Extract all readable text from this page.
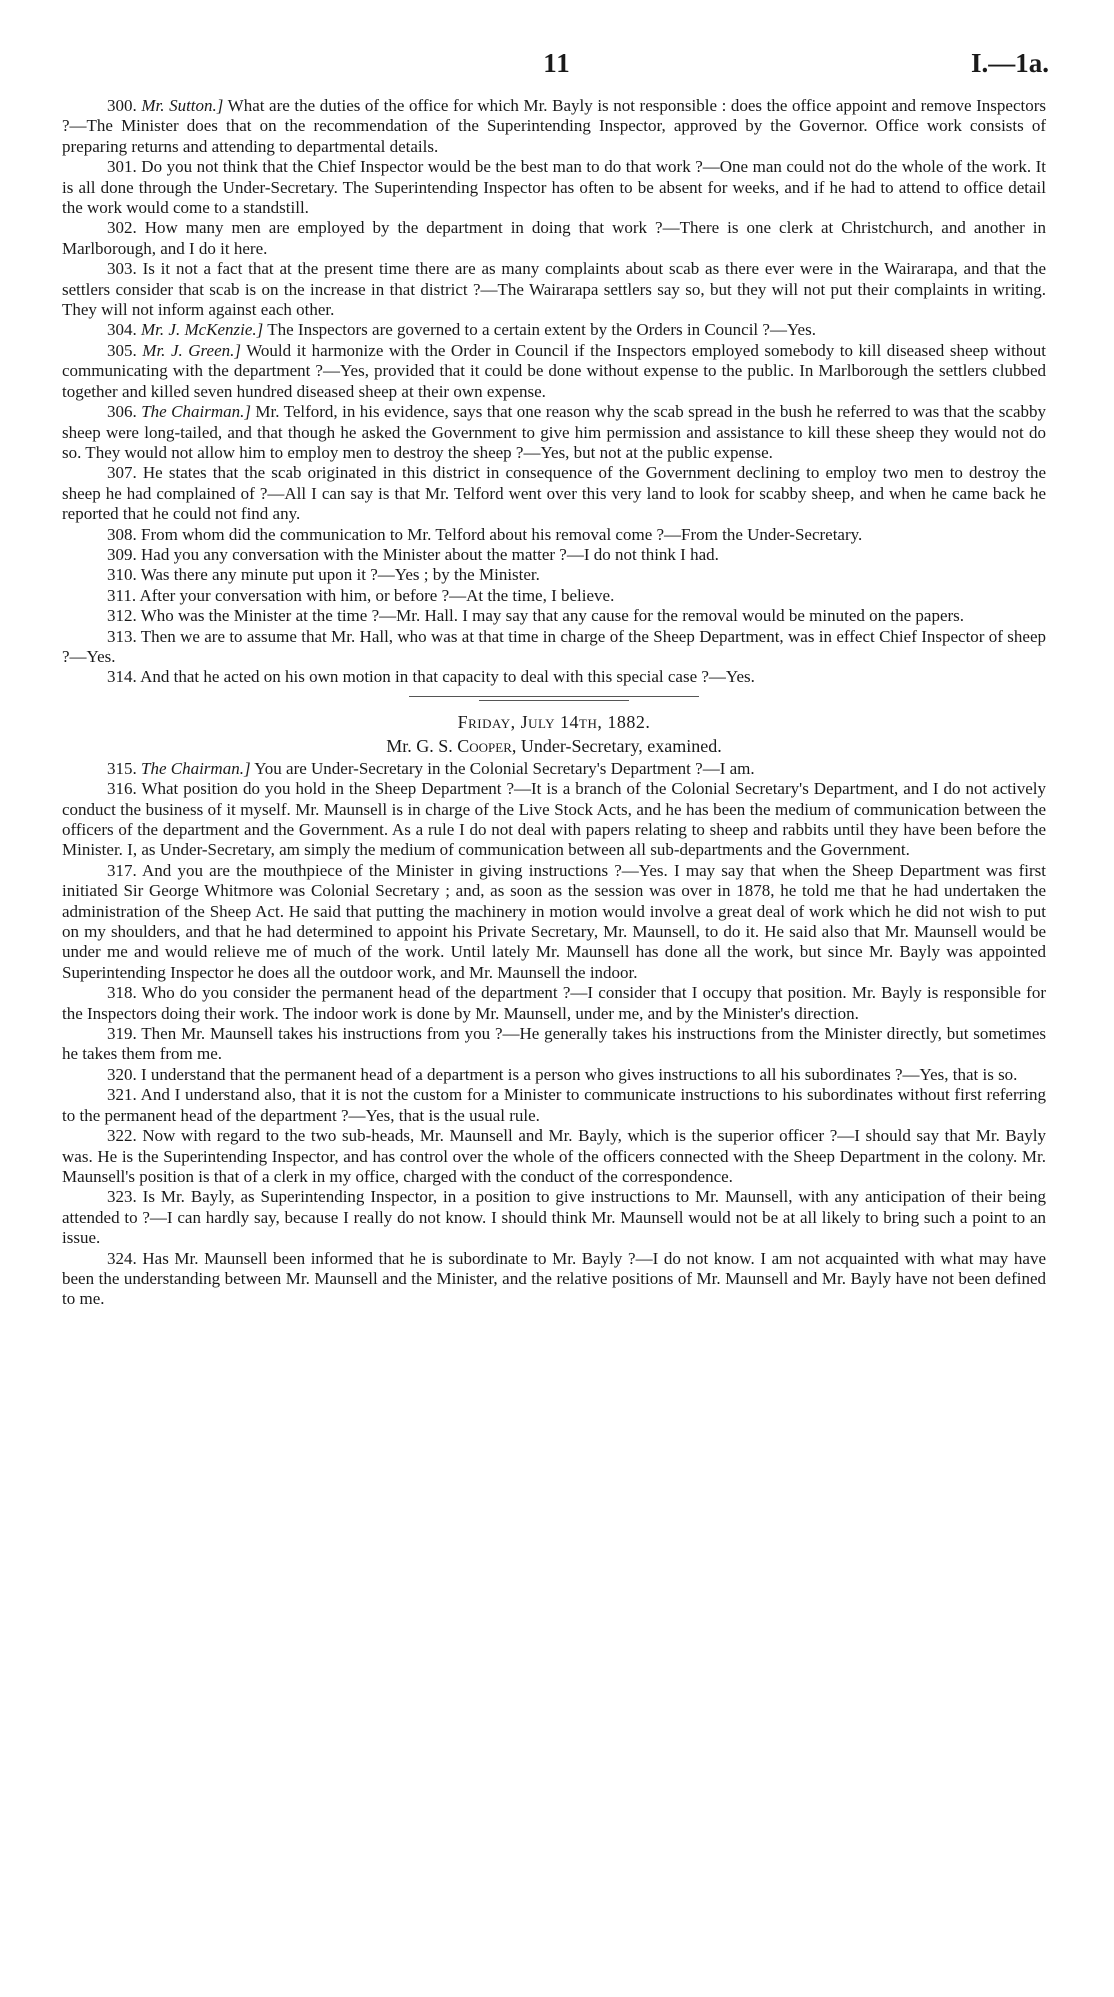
11	I.—1a.

300. Mr. Sutton.] What are the duties of the office for which Mr. Bayly is not responsible : does the office appoint and remove Inspectors ?—The Minister does that on the recommendation of the Superintending Inspector, approved by the Governor. Office work consists of preparing returns and attending to departmental details.

301. Do you not think that the Chief Inspector would be the best man to do that work ?—One man could not do the whole of the work. It is all done through the Under-Secretary. The Superintending Inspector has often to be absent for weeks, and if he had to attend to office detail the work would come to a standstill.

302. How many men are employed by the department in doing that work ?—There is one clerk at Christchurch, and another in Marlborough, and I do it here.

303. Is it not a fact that at the present time there are as many complaints about scab as there ever were in the Wairarapa, and that the settlers consider that scab is on the increase in that district ?—The Wairarapa settlers say so, but they will not put their complaints in writing. They will not inform against each other.

304. Mr. J. McKenzie.] The Inspectors are governed to a certain extent by the Orders in Council ?—Yes.

305. Mr. J. Green.] Would it harmonize with the Order in Council if the Inspectors employed somebody to kill diseased sheep without communicating with the department ?—Yes, provided that it could be done without expense to the public. In Marlborough the settlers clubbed together and killed seven hundred diseased sheep at their own expense.

306. The Chairman.] Mr. Telford, in his evidence, says that one reason why the scab spread in the bush he referred to was that the scabby sheep were long-tailed, and that though he asked the Government to give him permission and assistance to kill these sheep they would not do so. They would not allow him to employ men to destroy the sheep ?—Yes, but not at the public expense.

307. He states that the scab originated in this district in consequence of the Government declining to employ two men to destroy the sheep he had complained of ?—All I can say is that Mr. Telford went over this very land to look for scabby sheep, and when he came back he reported that he could not find any.

308. From whom did the communication to Mr. Telford about his removal come ?—From the Under-Secretary.

309. Had you any conversation with the Minister about the matter ?—I do not think I had.

310. Was there any minute put upon it ?—Yes ; by the Minister.

311. After your conversation with him, or before ?—At the time, I believe.

312. Who was the Minister at the time ?—Mr. Hall. I may say that any cause for the removal would be minuted on the papers.

313. Then we are to assume that Mr. Hall, who was at that time in charge of the Sheep Department, was in effect Chief Inspector of sheep ?—Yes.

314. And that he acted on his own motion in that capacity to deal with this special case ?—Yes.

Friday, July 14th, 1882.

Mr. G. S. Cooper, Under-Secretary, examined.

315. The Chairman.] You are Under-Secretary in the Colonial Secretary's Department ?—I am.

316. What position do you hold in the Sheep Department ?—It is a branch of the Colonial Secretary's Department, and I do not actively conduct the business of it myself. Mr. Maunsell is in charge of the Live Stock Acts, and he has been the medium of communication between the officers of the department and the Government. As a rule I do not deal with papers relating to sheep and rabbits until they have been before the Minister. I, as Under-Secretary, am simply the medium of communication between all sub-departments and the Government.

317. And you are the mouthpiece of the Minister in giving instructions ?—Yes. I may say that when the Sheep Department was first initiated Sir George Whitmore was Colonial Secretary ; and, as soon as the session was over in 1878, he told me that he had undertaken the administration of the Sheep Act. He said that putting the machinery in motion would involve a great deal of work which he did not wish to put on my shoulders, and that he had determined to appoint his Private Secretary, Mr. Maunsell, to do it. He said also that Mr. Maunsell would be under me and would relieve me of much of the work. Until lately Mr. Maunsell has done all the work, but since Mr. Bayly was appointed Superintending Inspector he does all the outdoor work, and Mr. Maunsell the indoor.

318. Who do you consider the permanent head of the department ?—I consider that I occupy that position. Mr. Bayly is responsible for the Inspectors doing their work. The indoor work is done by Mr. Maunsell, under me, and by the Minister's direction.

319. Then Mr. Maunsell takes his instructions from you ?—He generally takes his instructions from the Minister directly, but sometimes he takes them from me.

320. I understand that the permanent head of a department is a person who gives instructions to all his subordinates ?—Yes, that is so.

321. And I understand also, that it is not the custom for a Minister to communicate instructions to his subordinates without first referring to the permanent head of the department ?—Yes, that is the usual rule.

322. Now with regard to the two sub-heads, Mr. Maunsell and Mr. Bayly, which is the superior officer ?—I should say that Mr. Bayly was. He is the Superintending Inspector, and has control over the whole of the officers connected with the Sheep Department in the colony. Mr. Maunsell's position is that of a clerk in my office, charged with the conduct of the correspondence.

323. Is Mr. Bayly, as Superintending Inspector, in a position to give instructions to Mr. Maunsell, with any anticipation of their being attended to ?—I can hardly say, because I really do not know. I should think Mr. Maunsell would not be at all likely to bring such a point to an issue.

324. Has Mr. Maunsell been informed that he is subordinate to Mr. Bayly ?—I do not know. I am not acquainted with what may have been the understanding between Mr. Maunsell and the Minister, and the relative positions of Mr. Maunsell and Mr. Bayly have not been defined to me.
